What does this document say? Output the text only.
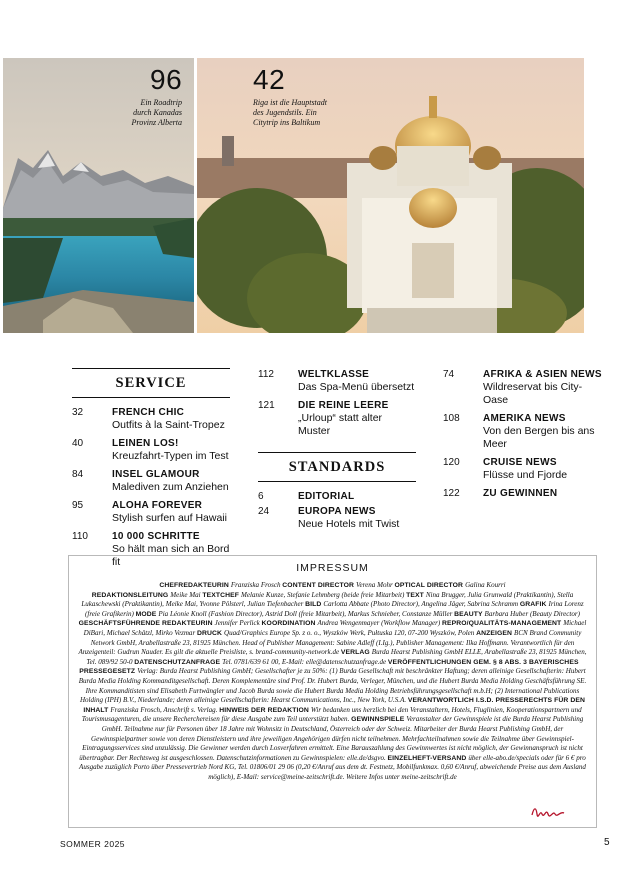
96
Ein Roadtrip
durch Kanadas
Provinz Alberta
42
Riga ist die Hauptstadt
des Jugendstils. Ein
Citytrip ins Baltikum
SERVICE
32	FRENCH CHIC
Outfits à la Saint-Tropez
40	LEINEN LOS!
Kreuzfahrt-Typen im Test
84	INSEL GLAMOUR
Malediven zum Anziehen
95	ALOHA FOREVER
Stylish surfen auf Hawaii
110 10 000 SCHRITTE
So hält man sich an Bord fit
112 WELTKLASSE
Das Spa-Menü übersetzt
121 DIE REINE LEERE
„Urloup“ statt alter Muster
STANDARDS
6	EDITORIAL
24	EUROPA NEWS
Neue Hotels mit Twist
74	AFRIKA & ASIEN NEWS
Wildreservat bis City-Oase
108 AMERIKA NEWS
Von den Bergen bis ans Meer
120 CRUISE NEWS
Flüsse und Fjorde
122 ZU GEWINNEN
IMPRESSUM
CHEFREDAKTEURIN Franziska Frosch CONTENT DIRECTOR Verena Mohr OPTICAL DIRECTOR Galina Kourri
REDAKTIONSLEITUNG Meike Mai TEXTCHEF Melanie Kunze, Stefanie Lehmberg (beide freie Mitarbeit) TEXT Nina Brugger, Julia Grunwald (Praktikantin), Stella Lukaschewski (Praktikantin), Meike Mai, Yvonne Pölsterl, Julian Tiefenbacher BILD Carlotta Abbate (Photo Director), Angelina Jäger, Sabrina Schramm GRAFIK Irina Lorenz (freie Grafikerin) MODE Pia Léonie Knoll (Fashion Director), Astrid Doll (freie Mitarbeit), Markus Schnieber, Constanze Müller BEAUTY Barbara Huber (Beauty Director) GESCHÄFTSFÜHRENDE REDAKTEURIN Jennifer Perlick KOORDINATION Andrea Wengenmayer (Workflow Manager) REPRO/QUALITÄTS-MANAGEMENT Michael DiBari, Michael Schätzl, Mirko Vezmar DRUCK Quad/Graphics Europe Sp. z o. o., Wyszków Werk, Pułtuska 120, 07-200 Wyszków, Polen ANZEIGEN BCN Brand Community Network GmbH, Arabellastraße 23, 81925 München. Head of Publisher Management: Sabine Adleff (I.Ig.), Publisher Management: Ilka Hoffmann. Verantwortlich für den Anzeigenteil: Gudrun Nauder. Es gilt die aktuelle Preisliste, s. brand-community-network.de VERLAG Burda Hearst Publishing GmbH ELLE, Arabellastraße 23, 81925 München, Tel. 089/92 50-0 DATENSCHUTZANFRAGE Tel. 0781/639 61 00, E-Mail: elle@datenschutzanfrage.de VERÖFFENTLICHUNGEN GEM. § 8 ABS. 3 BAYERISCHES PRESSEGESETZ Verlag: Burda Hearst Publishing GmbH; Gesellschafter je zu 50%: (1) Burda Gesellschaft mit beschränkter Haftung; deren alleinige Gesellschafterin: Hubert Burda Media Holding Kommanditgesellschaft. Deren Komplementäre sind Prof. Dr. Hubert Burda, Verleger, München, und die Hubert Burda Media Holding Geschäftsführung SE. Ihre Kommanditisten sind Elisabeth Furtwängler und Jacob Burda sowie die Hubert Burda Media Holding Betriebsführungsgesellschaft m.b.H; (2) International Publications Holding (IPH) B.V., Niederlande; deren alleinige Gesellschafterin: Hearst Communications, Inc., New York, U.S.A. VERANTWORTLICH I.S.D. PRESSERECHTS FÜR DEN INHALT Franziska Frosch, Anschrift s. Verlag. HINWEIS DER REDAKTION Wir bedanken uns herzlich bei den Veranstaltern, Hotels, Fluglinien, Kooperationspartnern und Tourismusagenturen, die unsere Recherchereisen für diese Ausgabe zum Teil unterstützt haben. GEWINNSPIELE Veranstalter der Gewinnspiele ist die Burda Hearst Publishing GmbH. Teilnahme nur für Personen über 18 Jahre mit Wohnsitz in Deutschland, Österreich oder der Schweiz. Mitarbeiter der Burda Hearst Publishing GmbH, der Gewinnspielpartner sowie von deren Dienstleistern und ihre jeweiligen Angehörigen dürfen nicht teilnehmen. Mehrfachteilnahmen sowie die Teilnahme über Gewinnspiel-Eintragungsservices sind unzulässig. Die Gewinner werden durch Losverfahren ermittelt. Eine Barauszahlung des Gewinnwertes ist nicht möglich, der Gewinnanspruch ist nicht übertragbar. Der Rechtsweg ist ausgeschlossen. Datenschutzinformationen zu Gewinnspielen: elle.de/dsgvo. EINZELHEFT-VERSAND über elle-abo.de/specials oder für 6 € pro Ausgabe zuzüglich Porto über Pressevertrieb Nord KG, Tel. 01806/01 29 06 (0,20 €/Anruf aus dem dt. Festnetz, Mobilfunkmax. 0,60 €/Anruf, abweichende Preise aus dem Ausland möglich), E-Mail: service@meine-zeitschrift.de. Weitere Infos unter meine-zeitschrift.de
SOMMER 2025	5
